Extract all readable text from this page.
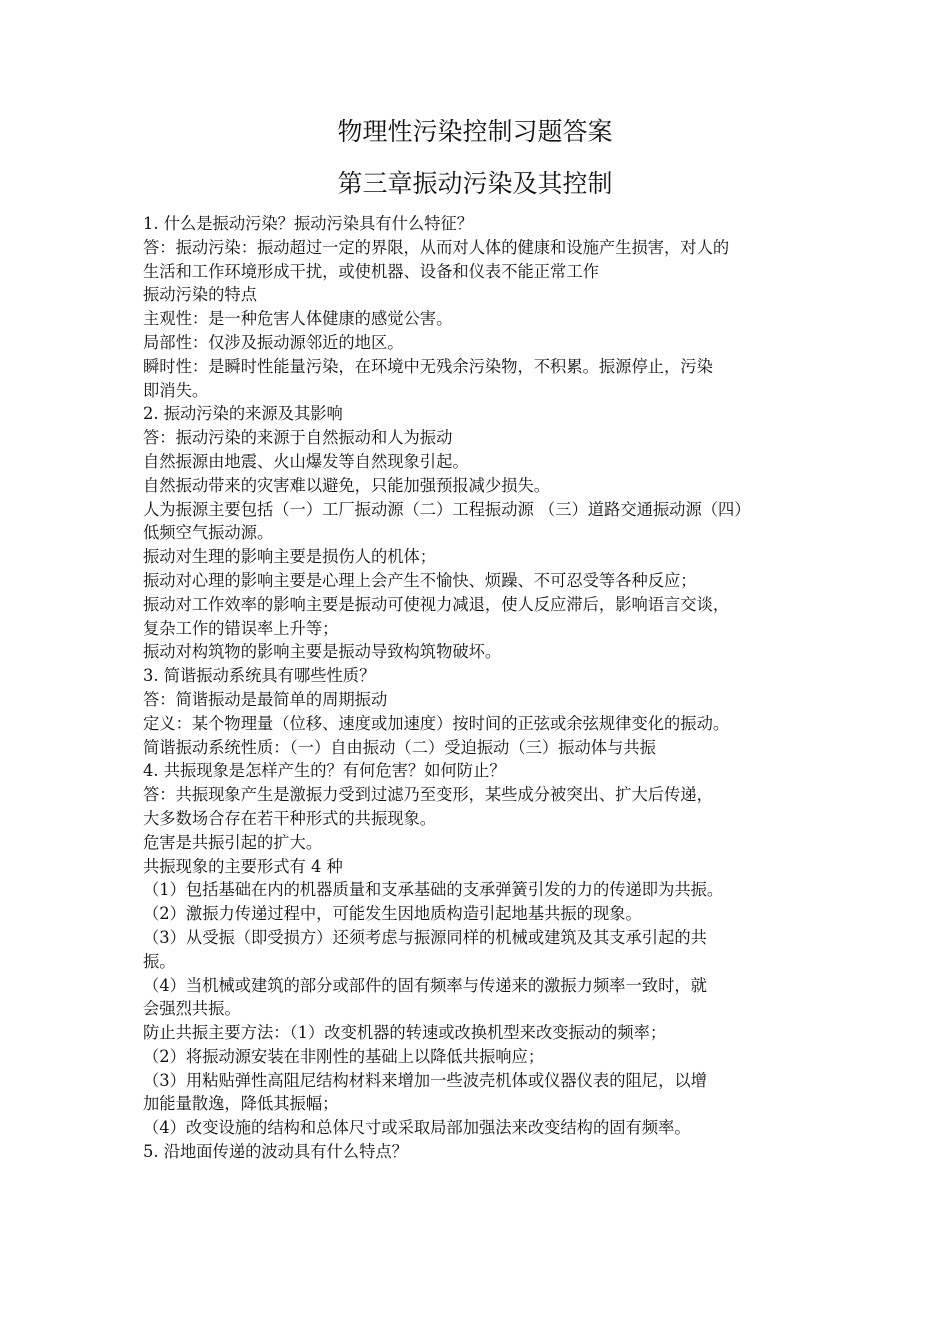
物理性污染控制习题答案
第三章振动污染及其控制
1. 什么是振动污染？振动污染具有什么特征？
答：振动污染：振动超过一定的界限，从而对人体的健康和设施产生损害，对人的
生活和工作环境形成干扰，或使机器、设备和仪表不能正常工作
振动污染的特点
主观性：是一种危害人体健康的感觉公害。
局部性：仅涉及振动源邻近的地区。
瞬时性：是瞬时性能量污染，在环境中无残余污染物，不积累。振源停止，污染
即消失。
2. 振动污染的来源及其影响
答：振动污染的来源于自然振动和人为振动
自然振源由地震、火山爆发等自然现象引起。
自然振动带来的灾害难以避免，只能加强预报减少损失。
人为振源主要包括（一）工厂振动源（二）工程振动源 （三）道路交通振动源（四）
低频空气振动源。
振动对生理的影响主要是损伤人的机体；
振动对心理的影响主要是心理上会产生不愉快、烦躁、不可忍受等各种反应；
振动对工作效率的影响主要是振动可使视力减退，使人反应滞后，影响语言交谈，
复杂工作的错误率上升等；
振动对构筑物的影响主要是振动导致构筑物破坏。
3. 简谐振动系统具有哪些性质？
答：简谐振动是最简单的周期振动
定义：某个物理量（位移、速度或加速度）按时间的正弦或余弦规律变化的振动。
简谐振动系统性质：（一）自由振动（二）受迫振动（三）振动体与共振
4. 共振现象是怎样产生的？有何危害？如何防止？
答：共振现象产生是激振力受到过滤乃至变形，某些成分被突出、扩大后传递，
大多数场合存在若干种形式的共振现象。
危害是共振引起的扩大。
共振现象的主要形式有 4 种
（1）包括基础在内的机器质量和支承基础的支承弹簧引发的力的传递即为共振。
（2）激振力传递过程中，可能发生因地质构造引起地基共振的现象。
（3）从受振（即受损方）还须考虑与振源同样的机械或建筑及其支承引起的共
振。
（4）当机械或建筑的部分或部件的固有频率与传递来的激振力频率一致时，就
会强烈共振。
防止共振主要方法：（1）改变机器的转速或改换机型来改变振动的频率；
（2）将振动源安装在非刚性的基础上以降低共振响应；
（3）用粘贴弹性高阻尼结构材料来增加一些波壳机体或仪器仪表的阻尼，以增
加能量散逸，降低其振幅；
（4）改变设施的结构和总体尺寸或采取局部加强法来改变结构的固有频率。
5. 沿地面传递的波动具有什么特点？
